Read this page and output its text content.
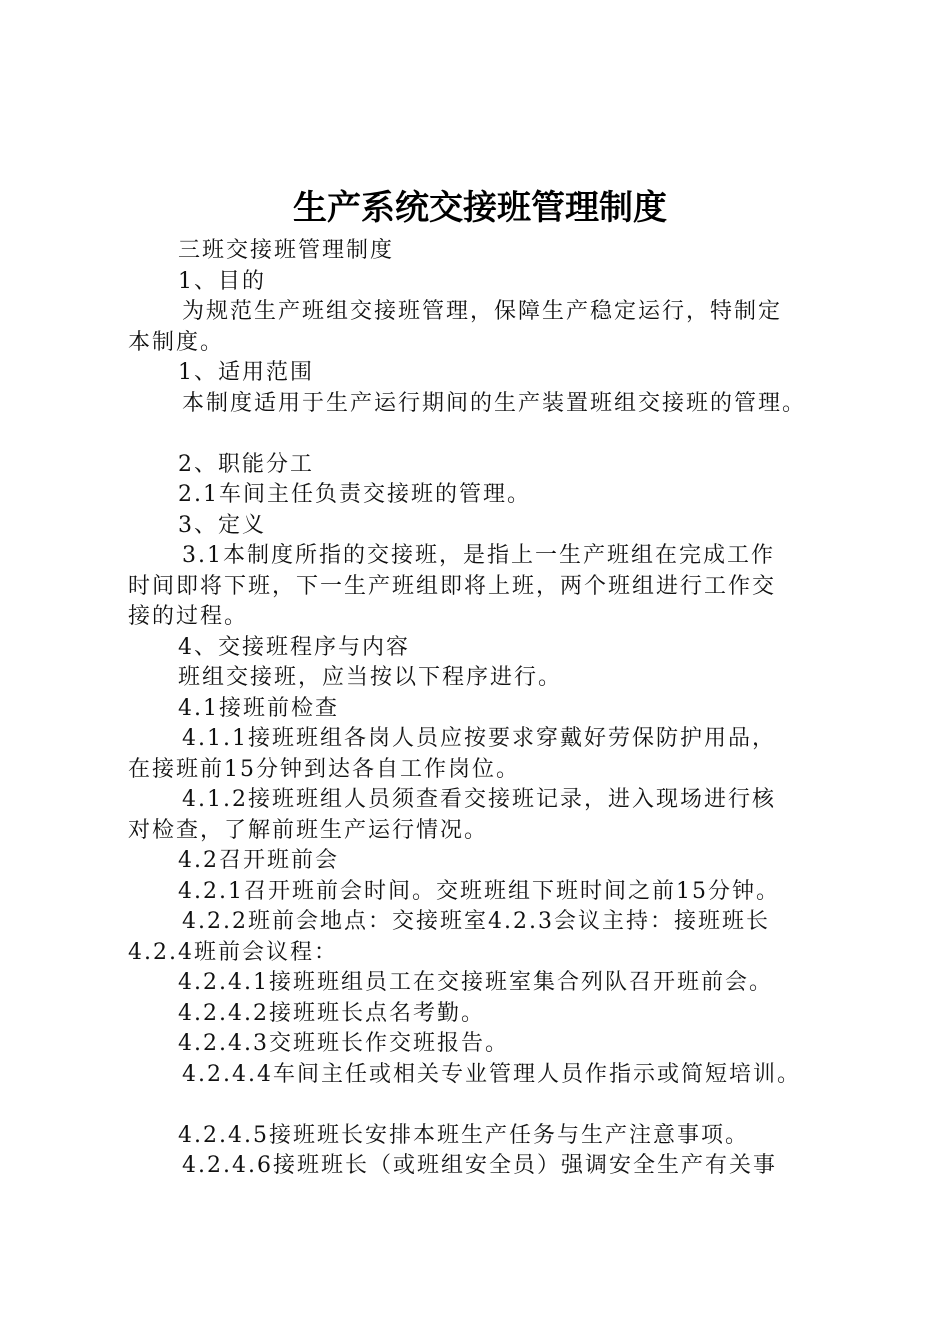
生产系统交接班管理制度
三班交接班管理制度
1、目的
为规范生产班组交接班管理，保障生产稳定运行，特制定
本制度。
1、适用范围
本制度适用于生产运行期间的生产装置班组交接班的管理。
2、职能分工
2.1车间主任负责交接班的管理。
3、定义
3.1本制度所指的交接班，是指上一生产班组在完成工作
时间即将下班，下一生产班组即将上班，两个班组进行工作交
接的过程。
4、交接班程序与内容
班组交接班，应当按以下程序进行。
4.1接班前检查
4.1.1接班班组各岗人员应按要求穿戴好劳保防护用品，
在接班前15分钟到达各自工作岗位。
4.1.2接班班组人员须查看交接班记录，进入现场进行核
对检查，了解前班生产运行情况。
4.2召开班前会
4.2.1召开班前会时间。交班班组下班时间之前15分钟。
4.2.2班前会地点：交接班室4.2.3会议主持：接班班长
4.2.4班前会议程：
4.2.4.1接班班组员工在交接班室集合列队召开班前会。
4.2.4.2接班班长点名考勤。
4.2.4.3交班班长作交班报告。
4.2.4.4车间主任或相关专业管理人员作指示或简短培训。
4.2.4.5接班班长安排本班生产任务与生产注意事项。
4.2.4.6接班班长（或班组安全员）强调安全生产有关事
